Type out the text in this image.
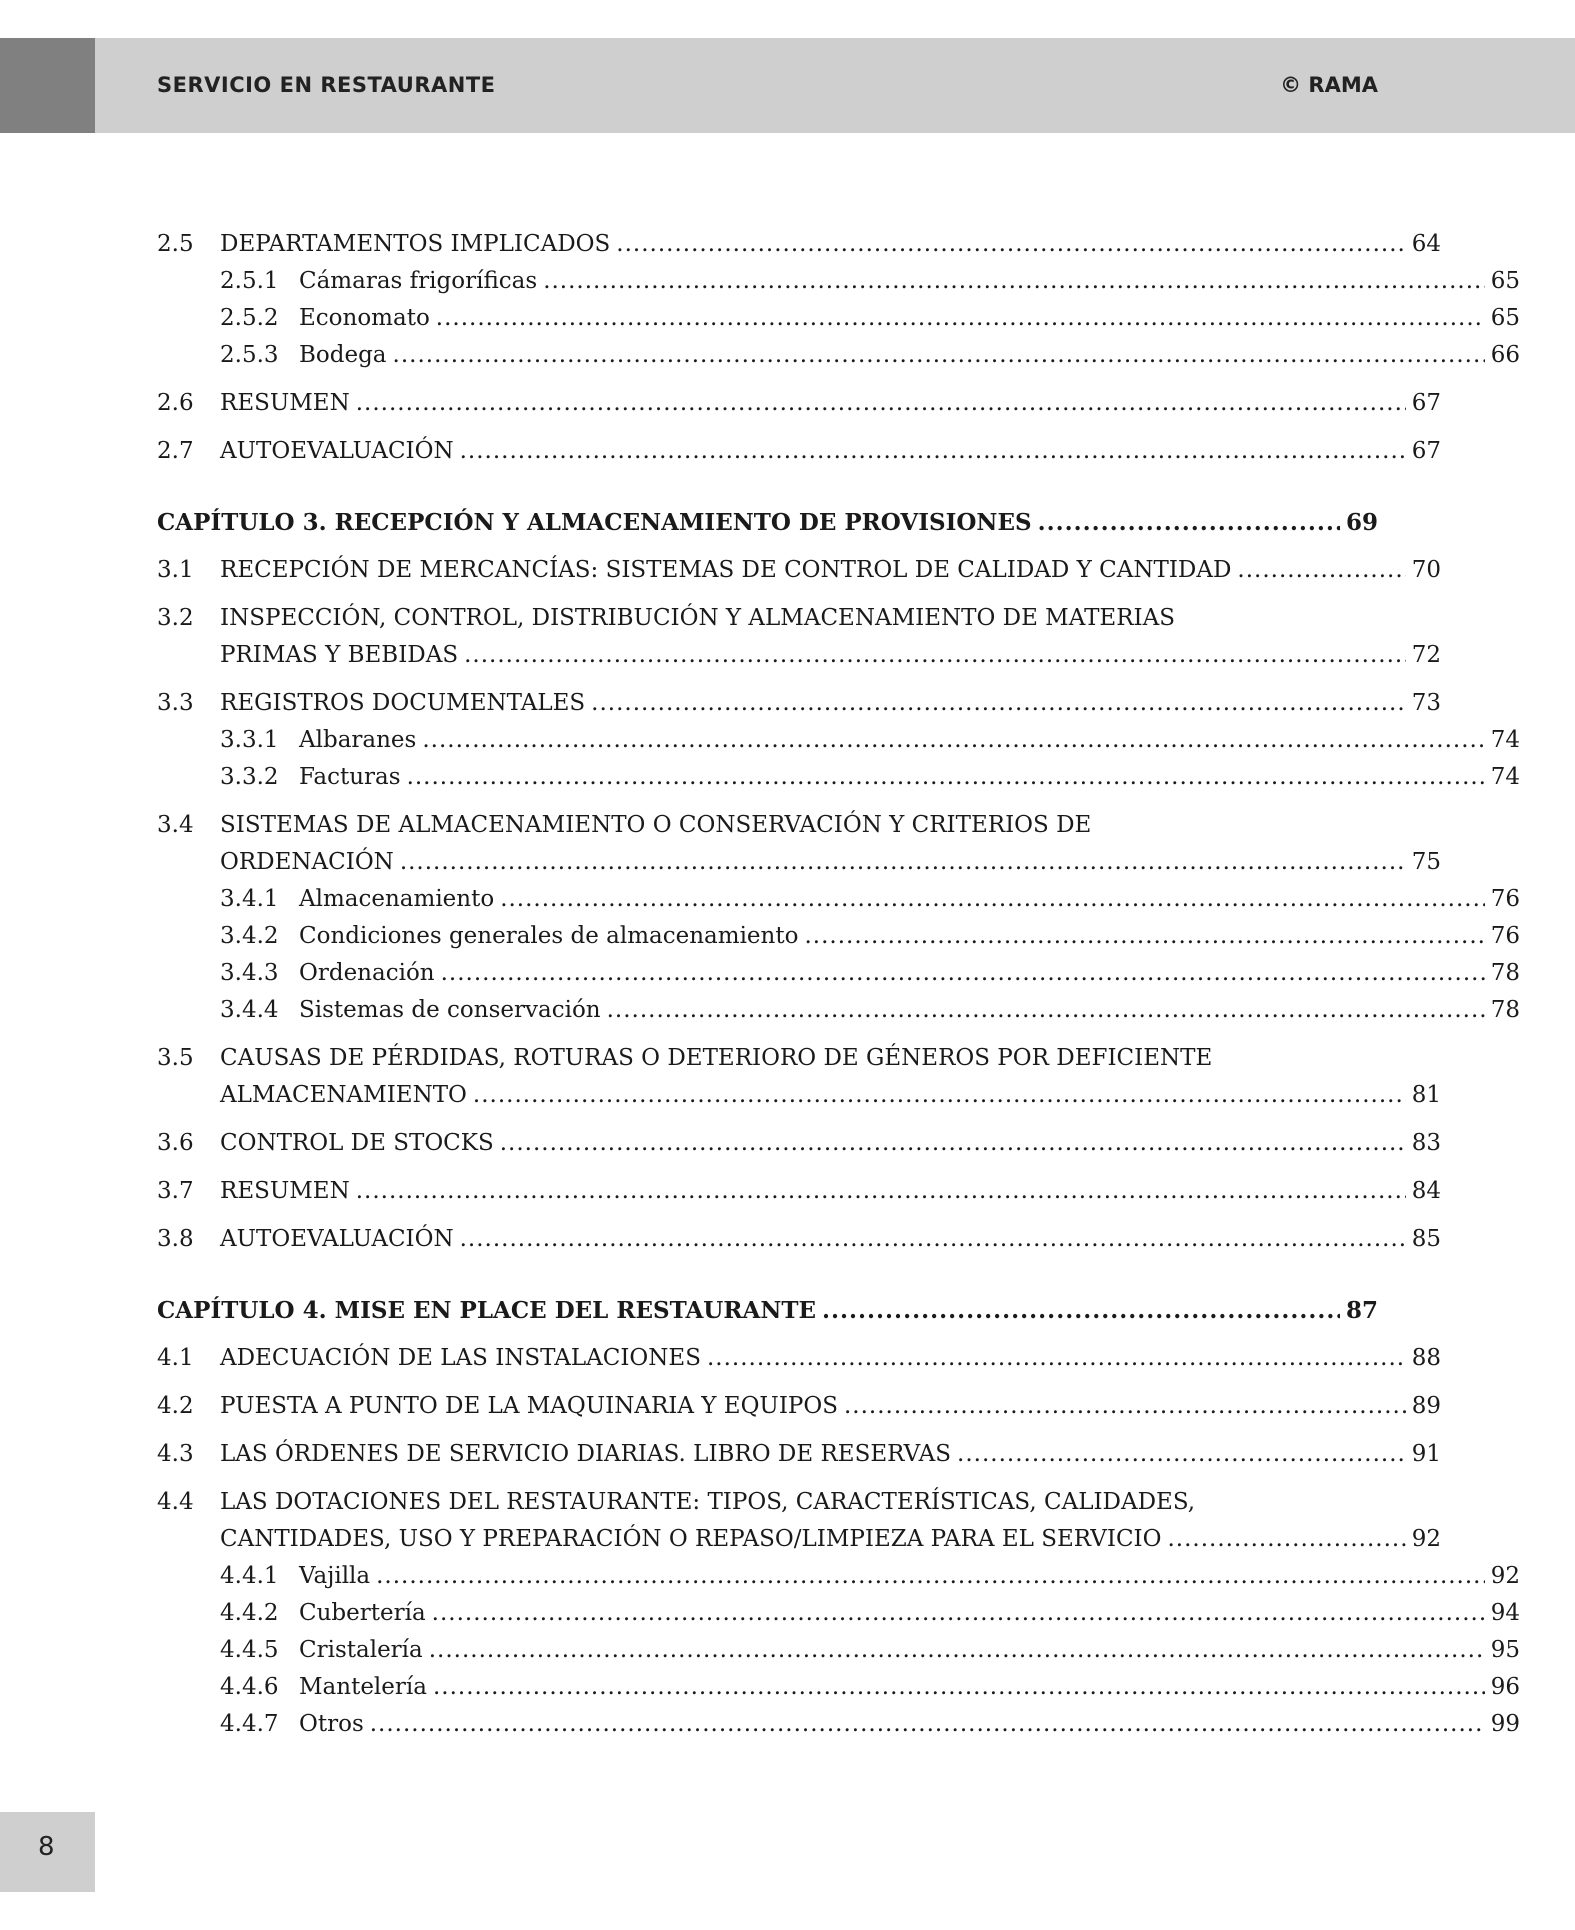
SERVICIO EN RESTAURANTE	© RAMA
2.5 DEPARTAMENTOS IMPLICADOS .....	64
2.5.1 Cámaras frigoríficas .....	65
2.5.2 Economato .....	65
2.5.3 Bodega .....	66
2.6 RESUMEN .....	67
2.7 AUTOEVALUACIÓN .....	67
CAPÍTULO 3. RECEPCIÓN Y ALMACENAMIENTO DE PROVISIONES .....	69
3.1 RECEPCIÓN DE MERCANCÍAS: SISTEMAS DE CONTROL DE CALIDAD Y CANTIDAD .....	70
3.2 INSPECCIÓN, CONTROL, DISTRIBUCIÓN Y ALMACENAMIENTO DE MATERIAS
PRIMAS Y BEBIDAS .....	72
3.3 REGISTROS DOCUMENTALES .....	73
3.3.1 Albaranes .....	74
3.3.2 Facturas .....	74
3.4 SISTEMAS DE ALMACENAMIENTO O CONSERVACIÓN Y CRITERIOS DE
ORDENACIÓN .....	75
3.4.1 Almacenamiento .....	76
3.4.2 Condiciones generales de almacenamiento .....	76
3.4.3 Ordenación .....	78
3.4.4 Sistemas de conservación .....	78
3.5 CAUSAS DE PÉRDIDAS, ROTURAS O DETERIORO DE GÉNEROS POR DEFICIENTE
ALMACENAMIENTO .....	81
3.6 CONTROL DE STOCKS .....	83
3.7 RESUMEN .....	84
3.8 AUTOEVALUACIÓN .....	85
CAPÍTULO 4. MISE EN PLACE DEL RESTAURANTE .....	87
4.1 ADECUACIÓN DE LAS INSTALACIONES .....	88
4.2 PUESTA A PUNTO DE LA MAQUINARIA Y EQUIPOS .....	89
4.3 LAS ÓRDENES DE SERVICIO DIARIAS. LIBRO DE RESERVAS .....	91
4.4 LAS DOTACIONES DEL RESTAURANTE: TIPOS, CARACTERÍSTICAS, CALIDADES,
CANTIDADES, USO Y PREPARACIÓN O REPASO/LIMPIEZA PARA EL SERVICIO .....	92
4.4.1 Vajilla .....	92
4.4.2 Cubertería .....	94
4.4.5 Cristalería .....	95
4.4.6 Mantelería .....	96
4.4.7 Otros .....	99
8
